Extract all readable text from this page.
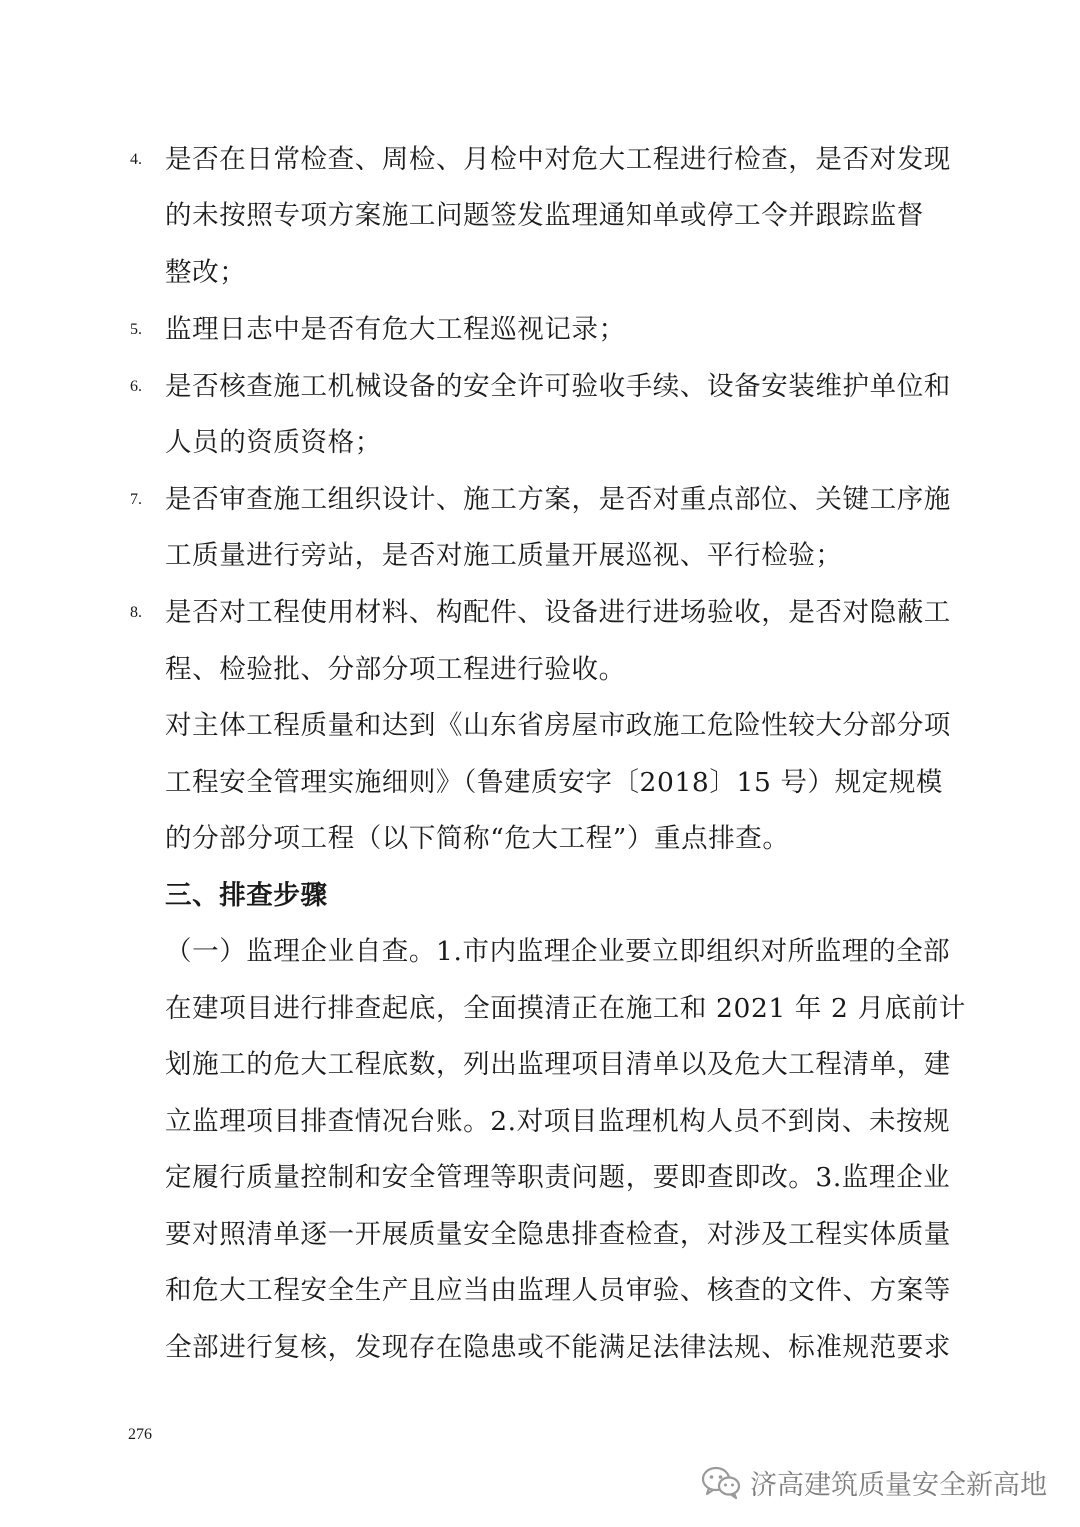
4. 是否在日常检查、周检、月检中对危大工程进行检查，是否对发现
的未按照专项方案施工问题签发监理通知单或停工令并跟踪监督
整改；
5. 监理日志中是否有危大工程巡视记录；
6. 是否核查施工机械设备的安全许可验收手续、设备安装维护单位和
人员的资质资格；
7. 是否审查施工组织设计、施工方案，是否对重点部位、关键工序施
工质量进行旁站，是否对施工质量开展巡视、平行检验；
8. 是否对工程使用材料、构配件、设备进行进场验收，是否对隐蔽工
程、检验批、分部分项工程进行验收。
对主体工程质量和达到《山东省房屋市政施工危险性较大分部分项
工程安全管理实施细则》（鲁建质安字〔2018〕15 号）规定规模
的分部分项工程（以下简称“危大工程”）重点排查。
三、排查步骤
（一）监理企业自查。1.市内监理企业要立即组织对所监理的全部
在建项目进行排查起底，全面摸清正在施工和 2021 年 2 月底前计
划施工的危大工程底数，列出监理项目清单以及危大工程清单，建
立监理项目排查情况台账。2.对项目监理机构人员不到岗、未按规
定履行质量控制和安全管理等职责问题，要即查即改。3.监理企业
要对照清单逐一开展质量安全隐患排查检查，对涉及工程实体质量
和危大工程安全生产且应当由监理人员审验、核查的文件、方案等
全部进行复核，发现存在隐患或不能满足法律法规、标准规范要求
276
济高建筑质量安全新高地
